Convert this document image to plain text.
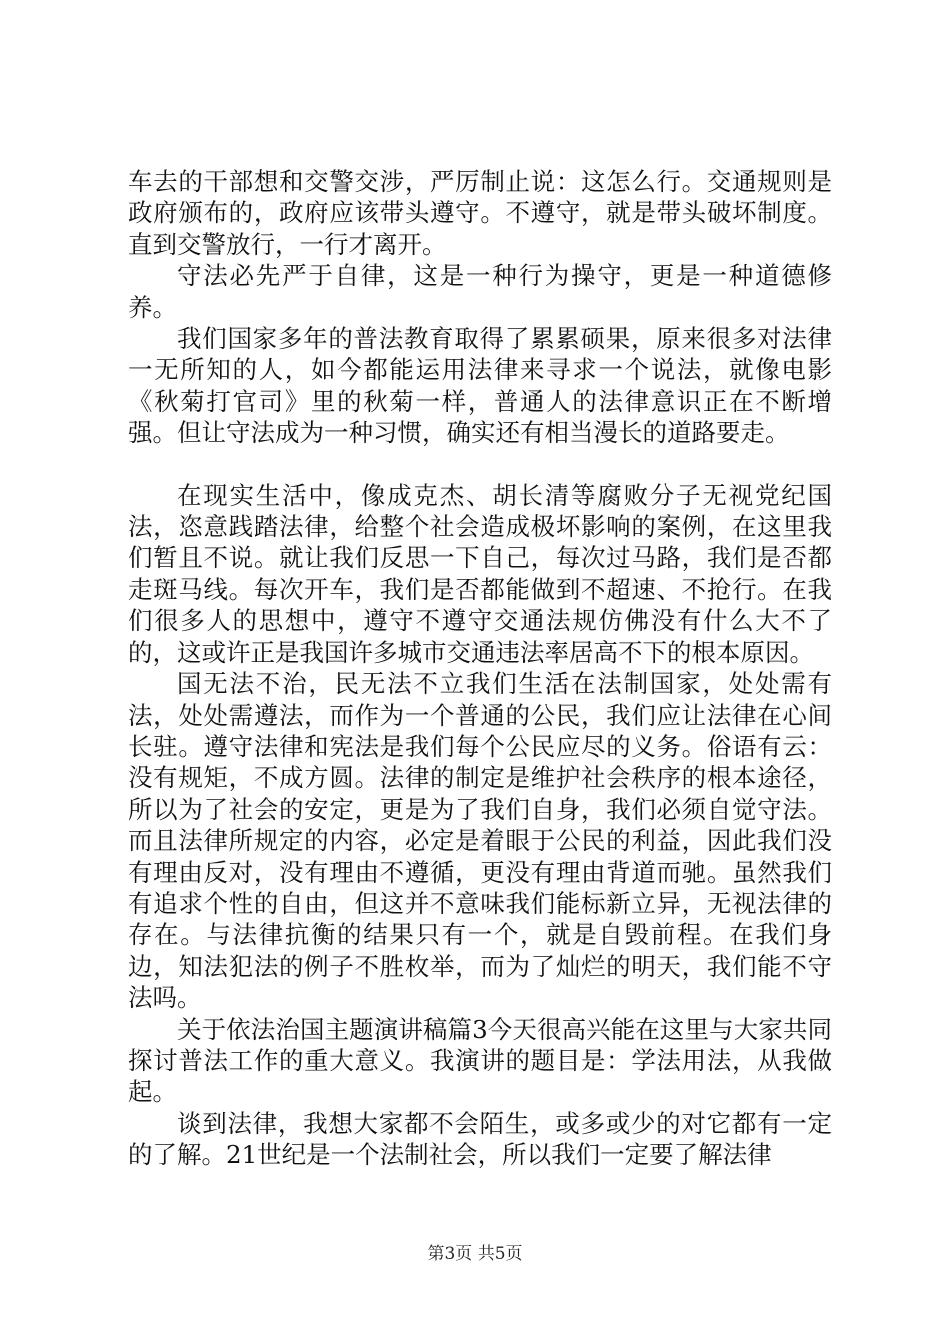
车去的干部想和交警交涉，严厉制止说：这怎么行。交通规则是政府颁布的，政府应该带头遵守。不遵守，就是带头破坏制度。直到交警放行，一行才离开。

守法必先严于自律，这是一种行为操守，更是一种道德修养。

我们国家多年的普法教育取得了累累硕果，原来很多对法律一无所知的人，如今都能运用法律来寻求一个说法，就像电影《秋菊打官司》里的秋菊一样，普通人的法律意识正在不断增强。但让守法成为一种习惯，确实还有相当漫长的道路要走。

在现实生活中，像成克杰、胡长清等腐败分子无视党纪国法，恣意践踏法律，给整个社会造成极坏影响的案例，在这里我们暂且不说。就让我们反思一下自己，每次过马路，我们是否都走斑马线。每次开车，我们是否都能做到不超速、不抢行。在我们很多人的思想中，遵守不遵守交通法规仿佛没有什么大不了的，这或许正是我国许多城市交通违法率居高不下的根本原因。

国无法不治，民无法不立我们生活在法制国家，处处需有法，处处需遵法，而作为一个普通的公民，我们应让法律在心间长驻。遵守法律和宪法是我们每个公民应尽的义务。俗语有云：没有规矩，不成方圆。法律的制定是维护社会秩序的根本途径，所以为了社会的安定，更是为了我们自身，我们必须自觉守法。而且法律所规定的内容，必定是着眼于公民的利益，因此我们没有理由反对，没有理由不遵循，更没有理由背道而驰。虽然我们有追求个性的自由，但这并不意味我们能标新立异，无视法律的存在。与法律抗衡的结果只有一个，就是自毁前程。在我们身边，知法犯法的例子不胜枚举，而为了灿烂的明天，我们能不守法吗。

关于依法治国主题演讲稿篇3今天很高兴能在这里与大家共同探讨普法工作的重大意义。我演讲的题目是：学法用法，从我做起。

谈到法律，我想大家都不会陌生，或多或少的对它都有一定的了解。21世纪是一个法制社会，所以我们一定要了解法律

第3页 共5页
